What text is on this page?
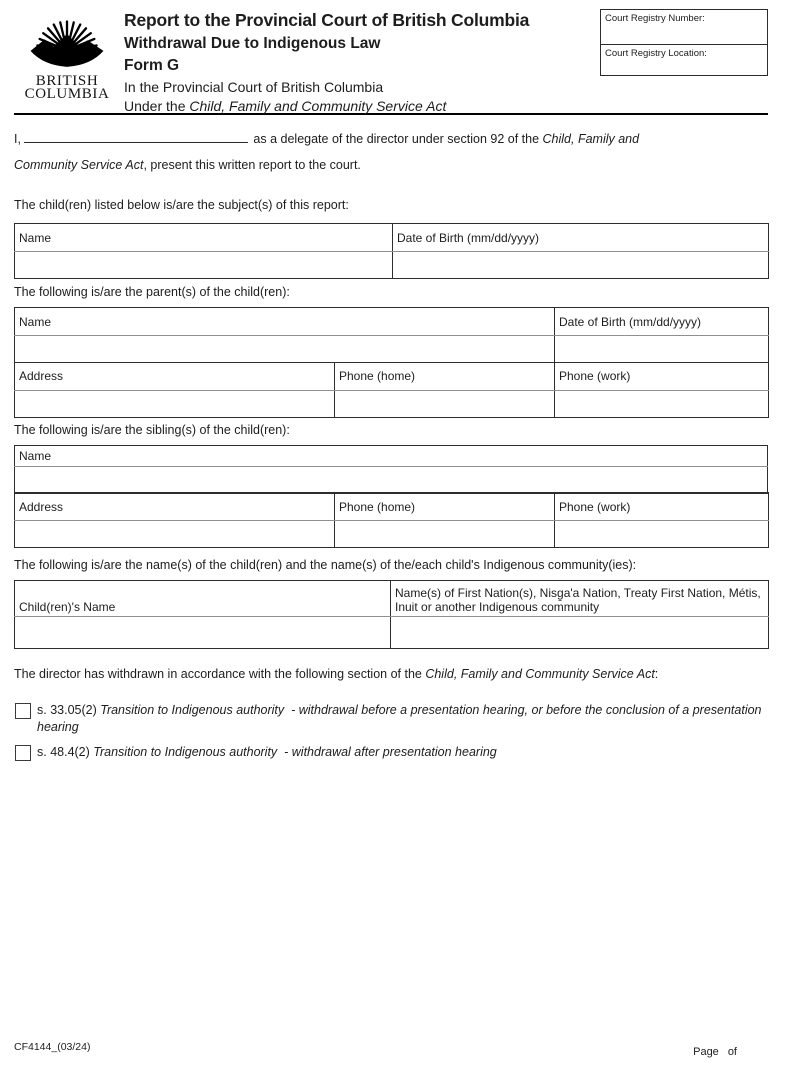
BRITISH
COLUMBIA
Report to the Provincial Court of British Columbia
Withdrawal Due to Indigenous Law
Form G
In the Provincial Court of British Columbia
Under the Child, Family and Community Service Act
Court Registry Number:
Court Registry Location:

I,	as a delegate of the director under section 92 of the Child, Family and
Community Service Act, present this written report to the court.

The child(ren) listed below is/are the subject(s) of this report:
Name	Date of Birth (mm/dd/yyyy)

The following is/are the parent(s) of the child(ren):
Name	Date of Birth (mm/dd/yyyy)

Address	Phone (home)	Phone (work)

The following is/are the sibling(s) of the child(ren):
Name

Address	Phone (home)	Phone (work)

The following is/are the name(s) of the child(ren) and the name(s) of the/each child's Indigenous community(ies):
Child(ren)'s Name	Name(s) of First Nation(s), Nisg̱a'a Nation, Treaty First Nation, Métis,
Inuit or another Indigenous community

The director has withdrawn in accordance with the following section of the Child, Family and Community Service Act:
s. 33.05(2) Transition to Indigenous authority  - withdrawal before a presentation hearing, or before the conclusion of a presentation hearing
s. 48.4(2) Transition to Indigenous authority  - withdrawal after presentation hearing
CF4144_(03/24)	Page of
